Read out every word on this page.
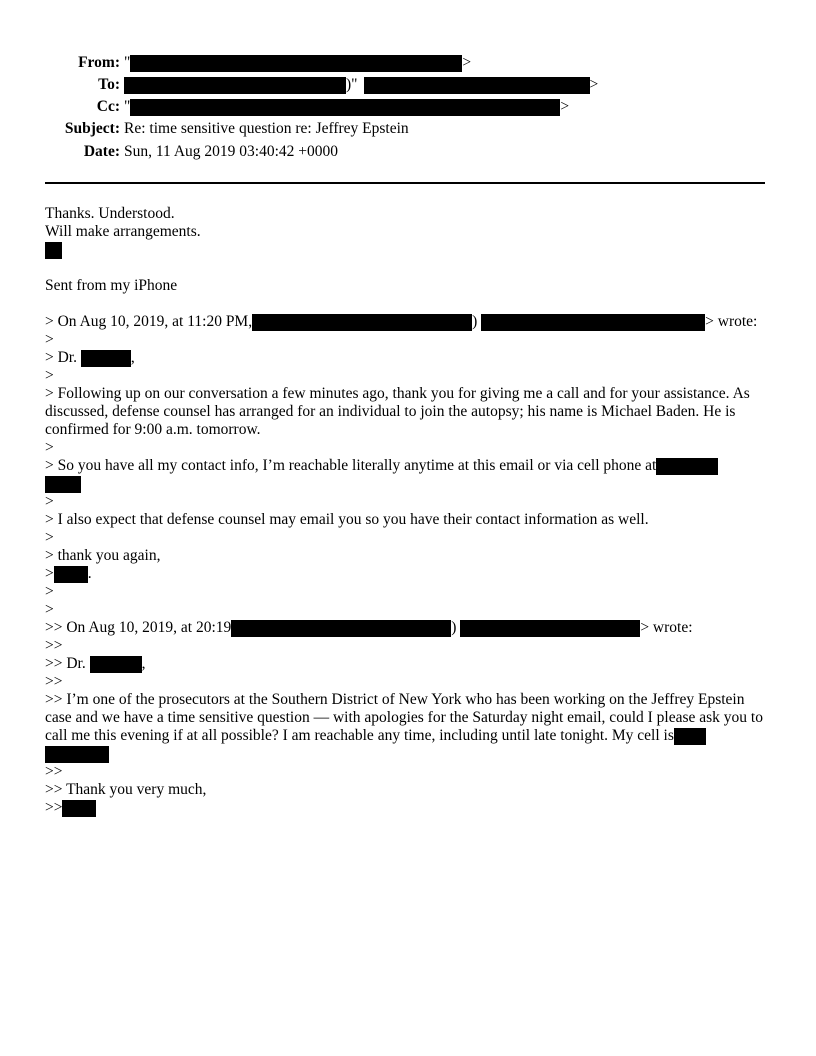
From: "	>
To:	)"	>
Cc: "	>
Subject: Re: time sensitive question re: Jeffrey Epstein
Date: Sun, 11 Aug 2019 03:40:42 +0000
Thanks. Understood.
Will make arrangements.
Sent from my iPhone
> On Aug 10, 2019, at 11:20 PM,	)	> wrote:
>
> Dr.	,
>
> Following up on our conversation a few minutes ago, thank you for giving me a call and for your assistance. As discussed, defense counsel has arranged for an individual to join the autopsy; his name is Michael Baden. He is confirmed for 9:00 a.m. tomorrow.
>
> So you have all my contact info, I’m reachable literally anytime at this email or via cell phone at

>
> I also expect that defense counsel may email you so you have their contact information as well.
>
> thank you again,
> .
>
>
>> On Aug 10, 2019, at 20:19	)	> wrote:
>>
>> Dr.	,
>>
>> I’m one of the prosecutors at the Southern District of New York who has been working on the Jeffrey Epstein case and we have a time sensitive question — with apologies for the Saturday night email, could I please ask you to call me this evening if at all possible? I am reachable any time, including until late tonight. My cell is

>>
>> Thank you very much,
>>
